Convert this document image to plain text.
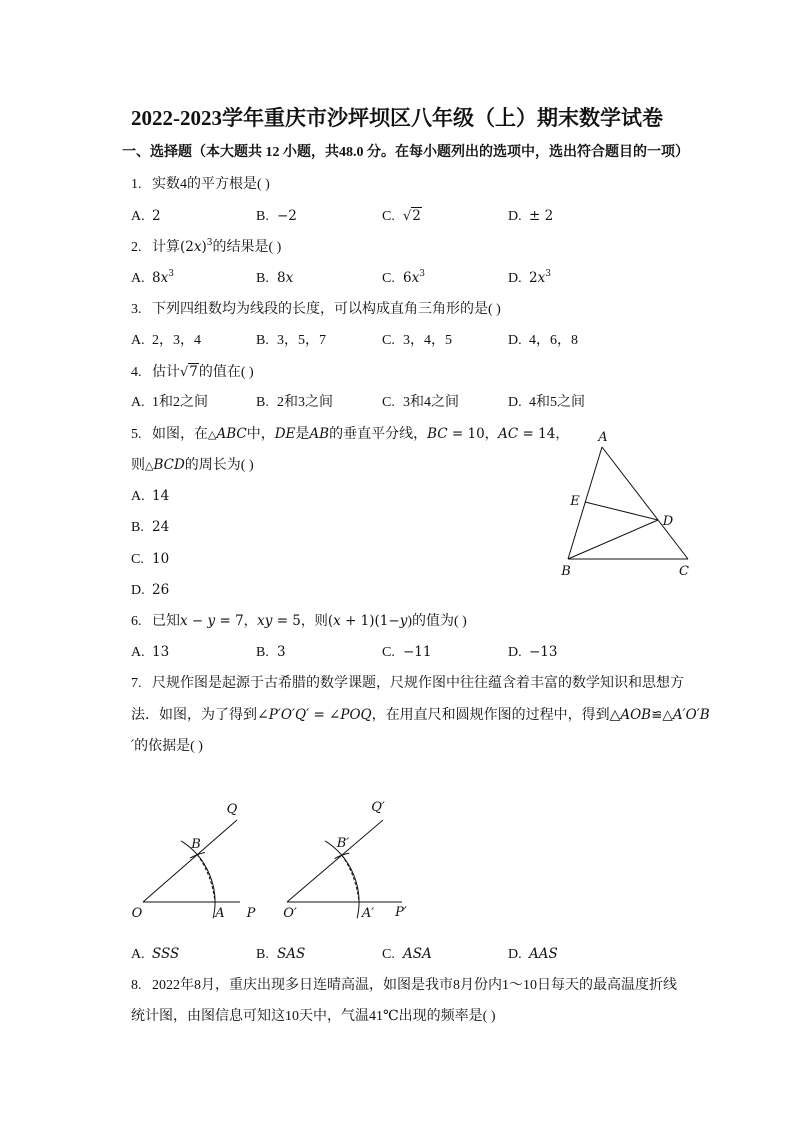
2022-2023学年重庆市沙坪坝区八年级（上）期末数学试卷
一、选择题（本大题共 12 小题，共48.0 分。在每小题列出的选项中，选出符合题目的一项）
1. 实数4的平方根是( )
A. 2	B. −2	C. √2	D. ± 2
2. 计算$(2x)^3$的结果是( )
A. $8x^3$	B. 8x	C. $6x^3$	D. $2x^3$
3. 下列四组数均为线段的长度，可以构成直角三角形的是( )
A. 2，3，4	B. 3，5，7	C. 3，4，5	D. 4，6，8
4. 估计√7的值在( )
A. 1和2之间	B. 2和3之间	C. 3和4之间	D. 4和5之间
5. 如图，在△ABC中，DE是AB的垂直平分线，BC = 10，AC = 14，
则△BCD的周长为( )
A. 14
B. 24
C. 10
D. 26
A
E
D
B	C
6. 已知x − y = 7，xy = 5，则(x + 1)(1−y)的值为( )
A. 13	B. 3	C. −11	D. −13
7. 尺规作图是起源于古希腊的数学课题，尺规作图中往往蕴含着丰富的数学知识和思想方
法．如图，为了得到∠P′O′Q′ = ∠POQ，在用直尺和圆规作图的过程中，得到△AOB≌△A′O′B
′的依据是( )
Q
B
O	A P
Q′
B′
O′	A′ P′
A. SSS	B. SAS	C. ASA	D. AAS
8. 2022年8月，重庆出现多日连晴高温，如图是我市8月份内1～10日每天的最高温度折线
统计图，由图信息可知这10天中，气温41℃出现的频率是( )
